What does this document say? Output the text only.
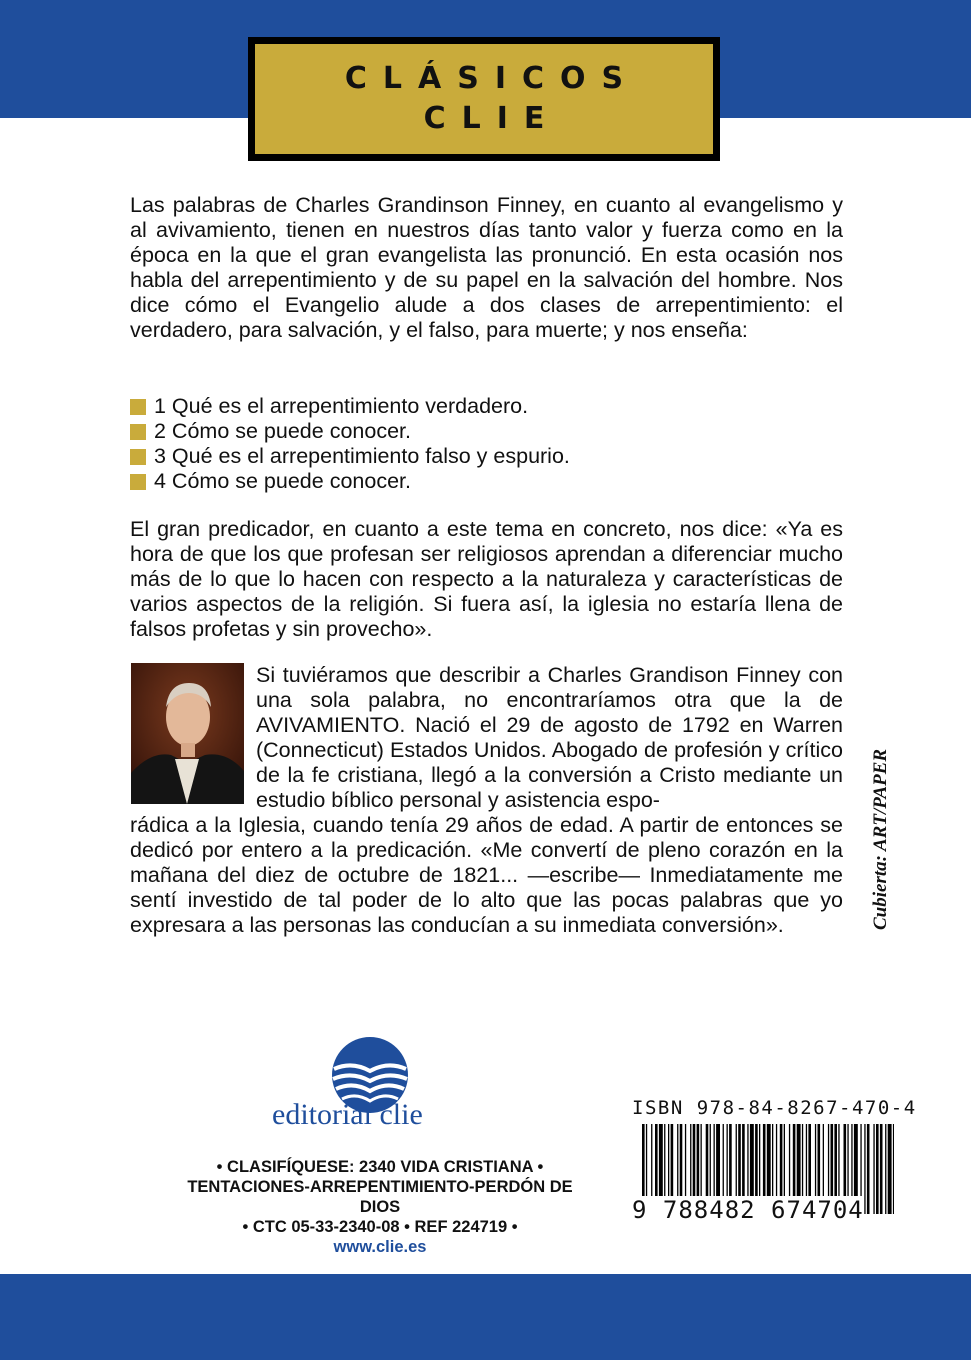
CLÁSICOS
CLIE
Las palabras de Charles Grandinson Finney, en cuanto al evangelismo y al avivamiento, tienen en nuestros días tanto valor y fuerza como en la época en la que el gran evangelista las pronunció. En esta ocasión nos habla del arrepentimiento y de su papel en la salvación del hombre. Nos dice cómo el Evangelio alude a dos clases de arrepentimiento: el verdadero, para salvación, y el falso, para muerte; y nos enseña:
1 Qué es el arrepentimiento verdadero.
2 Cómo se puede conocer.
3 Qué es el arrepentimiento falso y espurio.
4 Cómo se puede conocer.
El gran predicador, en cuanto a este tema en concreto, nos dice: «Ya es hora de que los que profesan ser religiosos aprendan a diferenciar mucho más de lo que lo hacen con respecto a la naturaleza y características de varios aspectos de la religión. Si fuera así, la iglesia no estaría llena de falsos profetas y sin provecho».
Si tuviéramos que describir a Charles Grandison Finney con una sola palabra, no encontraríamos otra que la de AVIVAMIENTO. Nació el 29 de agosto de 1792 en Warren (Connecticut) Estados Unidos. Abogado de profesión y crítico de la fe cristiana, llegó a la conversión a Cristo mediante un estudio bíblico personal y asistencia espo-
rádica a la Iglesia, cuando tenía 29 años de edad. A partir de entonces se dedicó por entero a la predicación. «Me convertí de pleno corazón en la mañana del diez de octubre de 1821... —escribe— Inmediatamente me sentí investido de tal poder de lo alto que las pocas palabras que yo expresara a las personas las conducían a su inmediata conversión».	Cubierta: ART/PAPER
editorial clie
• CLASIFÍQUESE: 2340 VIDA CRISTIANA •
TENTACIONES-ARREPENTIMIENTO-PERDÓN DE DIOS
• CTC 05-33-2340-08 • REF 224719 •
www.clie.es
ISBN 978-84-8267-470-4
9 788482 674704
